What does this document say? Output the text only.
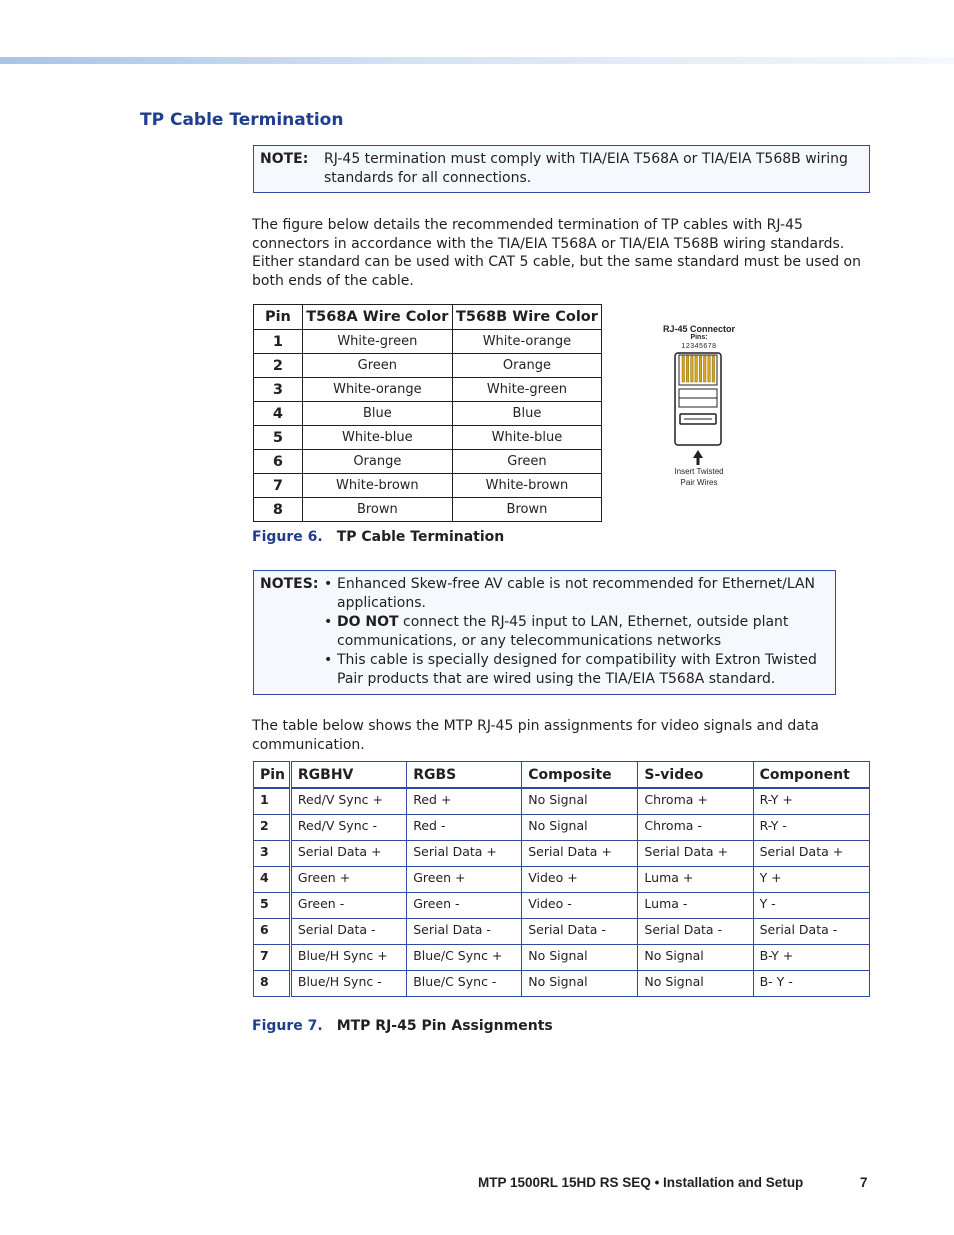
TP Cable Termination
NOTE: RJ-45 termination must comply with TIA/EIA T568A or TIA/EIA T568B wiring standards for all connections.

The figure below details the recommended termination of TP cables with RJ-45 connectors in accordance with the TIA/EIA T568A or TIA/EIA T568B wiring standards. Either standard can be used with CAT 5 cable, but the same standard must be used on both ends of the cable.

Pin	T568A Wire Color	T568B Wire Color
1	White-green	White-orange
2	Green	Orange
3	White-orange	White-green
4	Blue	Blue
5	White-blue	White-blue
6	Orange	Green
7	White-brown	White-brown
8	Brown	Brown
RJ-45 Connector
Pins:
12345678
Insert Twisted
Pair Wires
Figure 6. TP Cable Termination
NOTES: • Enhanced Skew-free AV cable is not recommended for Ethernet/LAN applications.
• DO NOT connect the RJ-45 input to LAN, Ethernet, outside plant communications, or any telecommunications networks
• This cable is specially designed for compatibility with Extron Twisted Pair products that are wired using the TIA/EIA T568A standard.

The table below shows the MTP RJ-45 pin assignments for video signals and data communication.

Pin	RGBHV	RGBS	Composite	S-video	Component
1	Red/V Sync +	Red +	No Signal	Chroma +	R-Y +
2	Red/V Sync -	Red -	No Signal	Chroma -	R-Y -
3	Serial Data +	Serial Data +	Serial Data +	Serial Data +	Serial Data +
4	Green +	Green +	Video +	Luma +	Y +
5	Green -	Green -	Video -	Luma -	Y -
6	Serial Data -	Serial Data -	Serial Data -	Serial Data -	Serial Data -
7	Blue/H Sync +	Blue/C Sync +	No Signal	No Signal	B-Y +
8	Blue/H Sync -	Blue/C Sync -	No Signal	No Signal	B- Y -
Figure 7. MTP RJ-45 Pin Assignments
MTP 1500RL 15HD RS SEQ • Installation and Setup	7
